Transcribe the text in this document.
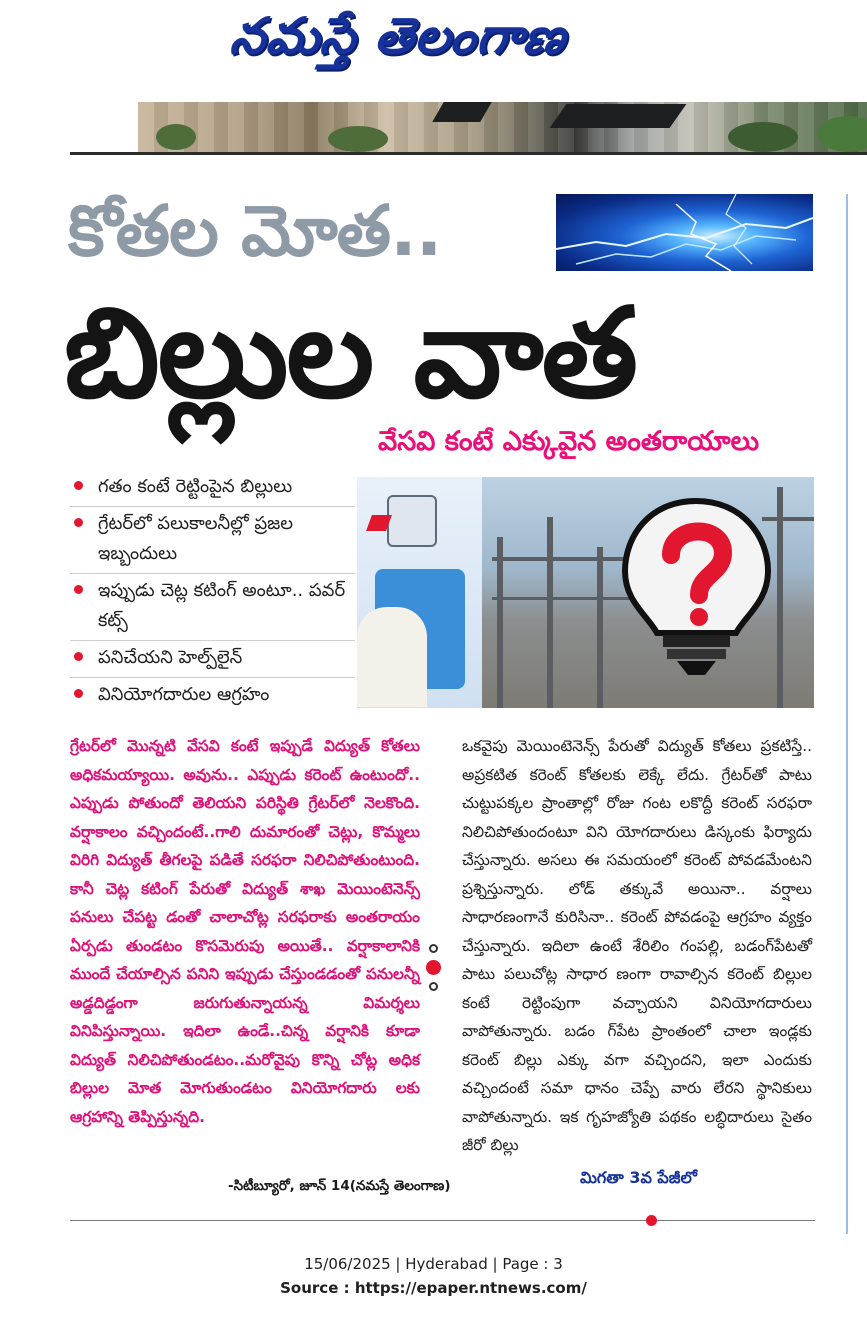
నమస్తే తెలంగాణ
కోతల మోత..
బిల్లుల వాత
వేసవి కంటే ఎక్కువైన అంతరాయాలు
గతం కంటే రెట్టింపైన బిల్లులు
గ్రేటర్‌లో పలుకాలనీల్లో ప్రజల ఇబ్బందులు
ఇప్పుడు చెట్ల కటింగ్ అంటూ.. పవర్ కట్స్
పనిచేయని హెల్ప్‌లైన్
వినియోగదారుల ఆగ్రహం

గ్రేటర్‌లో మొన్నటి వేసవి కంటే ఇప్పుడే విద్యుత్ కోతలు అధికమయ్యాయి. అవును.. ఎప్పుడు కరెంట్ ఉంటుందో.. ఎప్పుడు పోతుందో తెలియని పరిస్థితి గ్రేటర్‌లో నెలకొంది. వర్షాకాలం వచ్చిందంటే..గాలి దుమారంతో చెట్లు, కొమ్మలు విరిగి విద్యుత్ తీగలపై పడితే సరఫరా నిలిచిపోతుంటుంది. కానీ చెట్ల కటింగ్ పేరుతో విద్యుత్ శాఖ మెయింటెనెన్స్ పనులు చేపట్ట డంతో చాలాచోట్ల సరఫరాకు అంతరాయం ఏర్పడు తుండటం కొసమెరుపు అయితే.. వర్షాకాలానికి ముందే చేయాల్సిన పనిని ఇప్పుడు చేస్తుండడంతో పనులన్నీ అడ్డదిడ్డంగా జరుగుతున్నాయన్న విమర్శలు వినిపిస్తున్నాయి. ఇదిలా ఉండే..చిన్న వర్షానికి కూడా విద్యుత్ నిలిచిపోతుండటం..మరోవైపు కొన్ని చోట్ల అధిక బిల్లుల మోత మోగుతుండటం వినియోగదారు లకు ఆగ్రహాన్ని తెప్పిస్తున్నది.

-సిటీబ్యూరో, జూన్ 14(నమస్తే తెలంగాణ)

ఒకవైపు మెయింటెనెన్స్ పేరుతో విద్యుత్ కోతలు ప్రకటిస్తే.. అప్రకటిత కరెంట్ కోతలకు లెక్కే లేదు. గ్రేటర్‌తో పాటు చుట్టుపక్కల ప్రాంతాల్లో రోజు గంట లకొద్దీ కరెంట్ సరఫరా నిలిచిపోతుందంటూ విని యోగదారులు డిస్కంకు ఫిర్యాదు చేస్తున్నారు. అసలు ఈ సమయంలో కరెంట్ పోవడమేంటని ప్రశ్నిస్తున్నారు. లోడ్ తక్కువే అయినా.. వర్షాలు సాధారణంగానే కురిసినా.. కరెంట్ పోవడంపై ఆగ్రహం వ్యక్తం చేస్తున్నారు. ఇదిలా ఉంటే శేరిలిం గంపల్లి, బడంగ్‌పేటతో పాటు పలుచోట్ల సాధార ణంగా రావాల్సిన కరెంట్ బిల్లుల కంటే రెట్టింపుగా వచ్చాయని వినియోగదారులు వాపోతున్నారు. బడం గ్‌పేట ప్రాంతంలో చాలా ఇండ్లకు కరెంట్ బిల్లు ఎక్కు వగా వచ్చిందని, ఇలా ఎందుకు వచ్చిందంటే సమా ధానం చెప్పే వారు లేరని స్థానికులు వాపోతున్నారు. ఇక గృహజ్యోతి పథకం లబ్ధిదారులు సైతం జీరో బిల్లు

మిగతా 3వ పేజీలో
15/06/2025 | Hyderabad | Page : 3
Source : https://epaper.ntnews.com/
